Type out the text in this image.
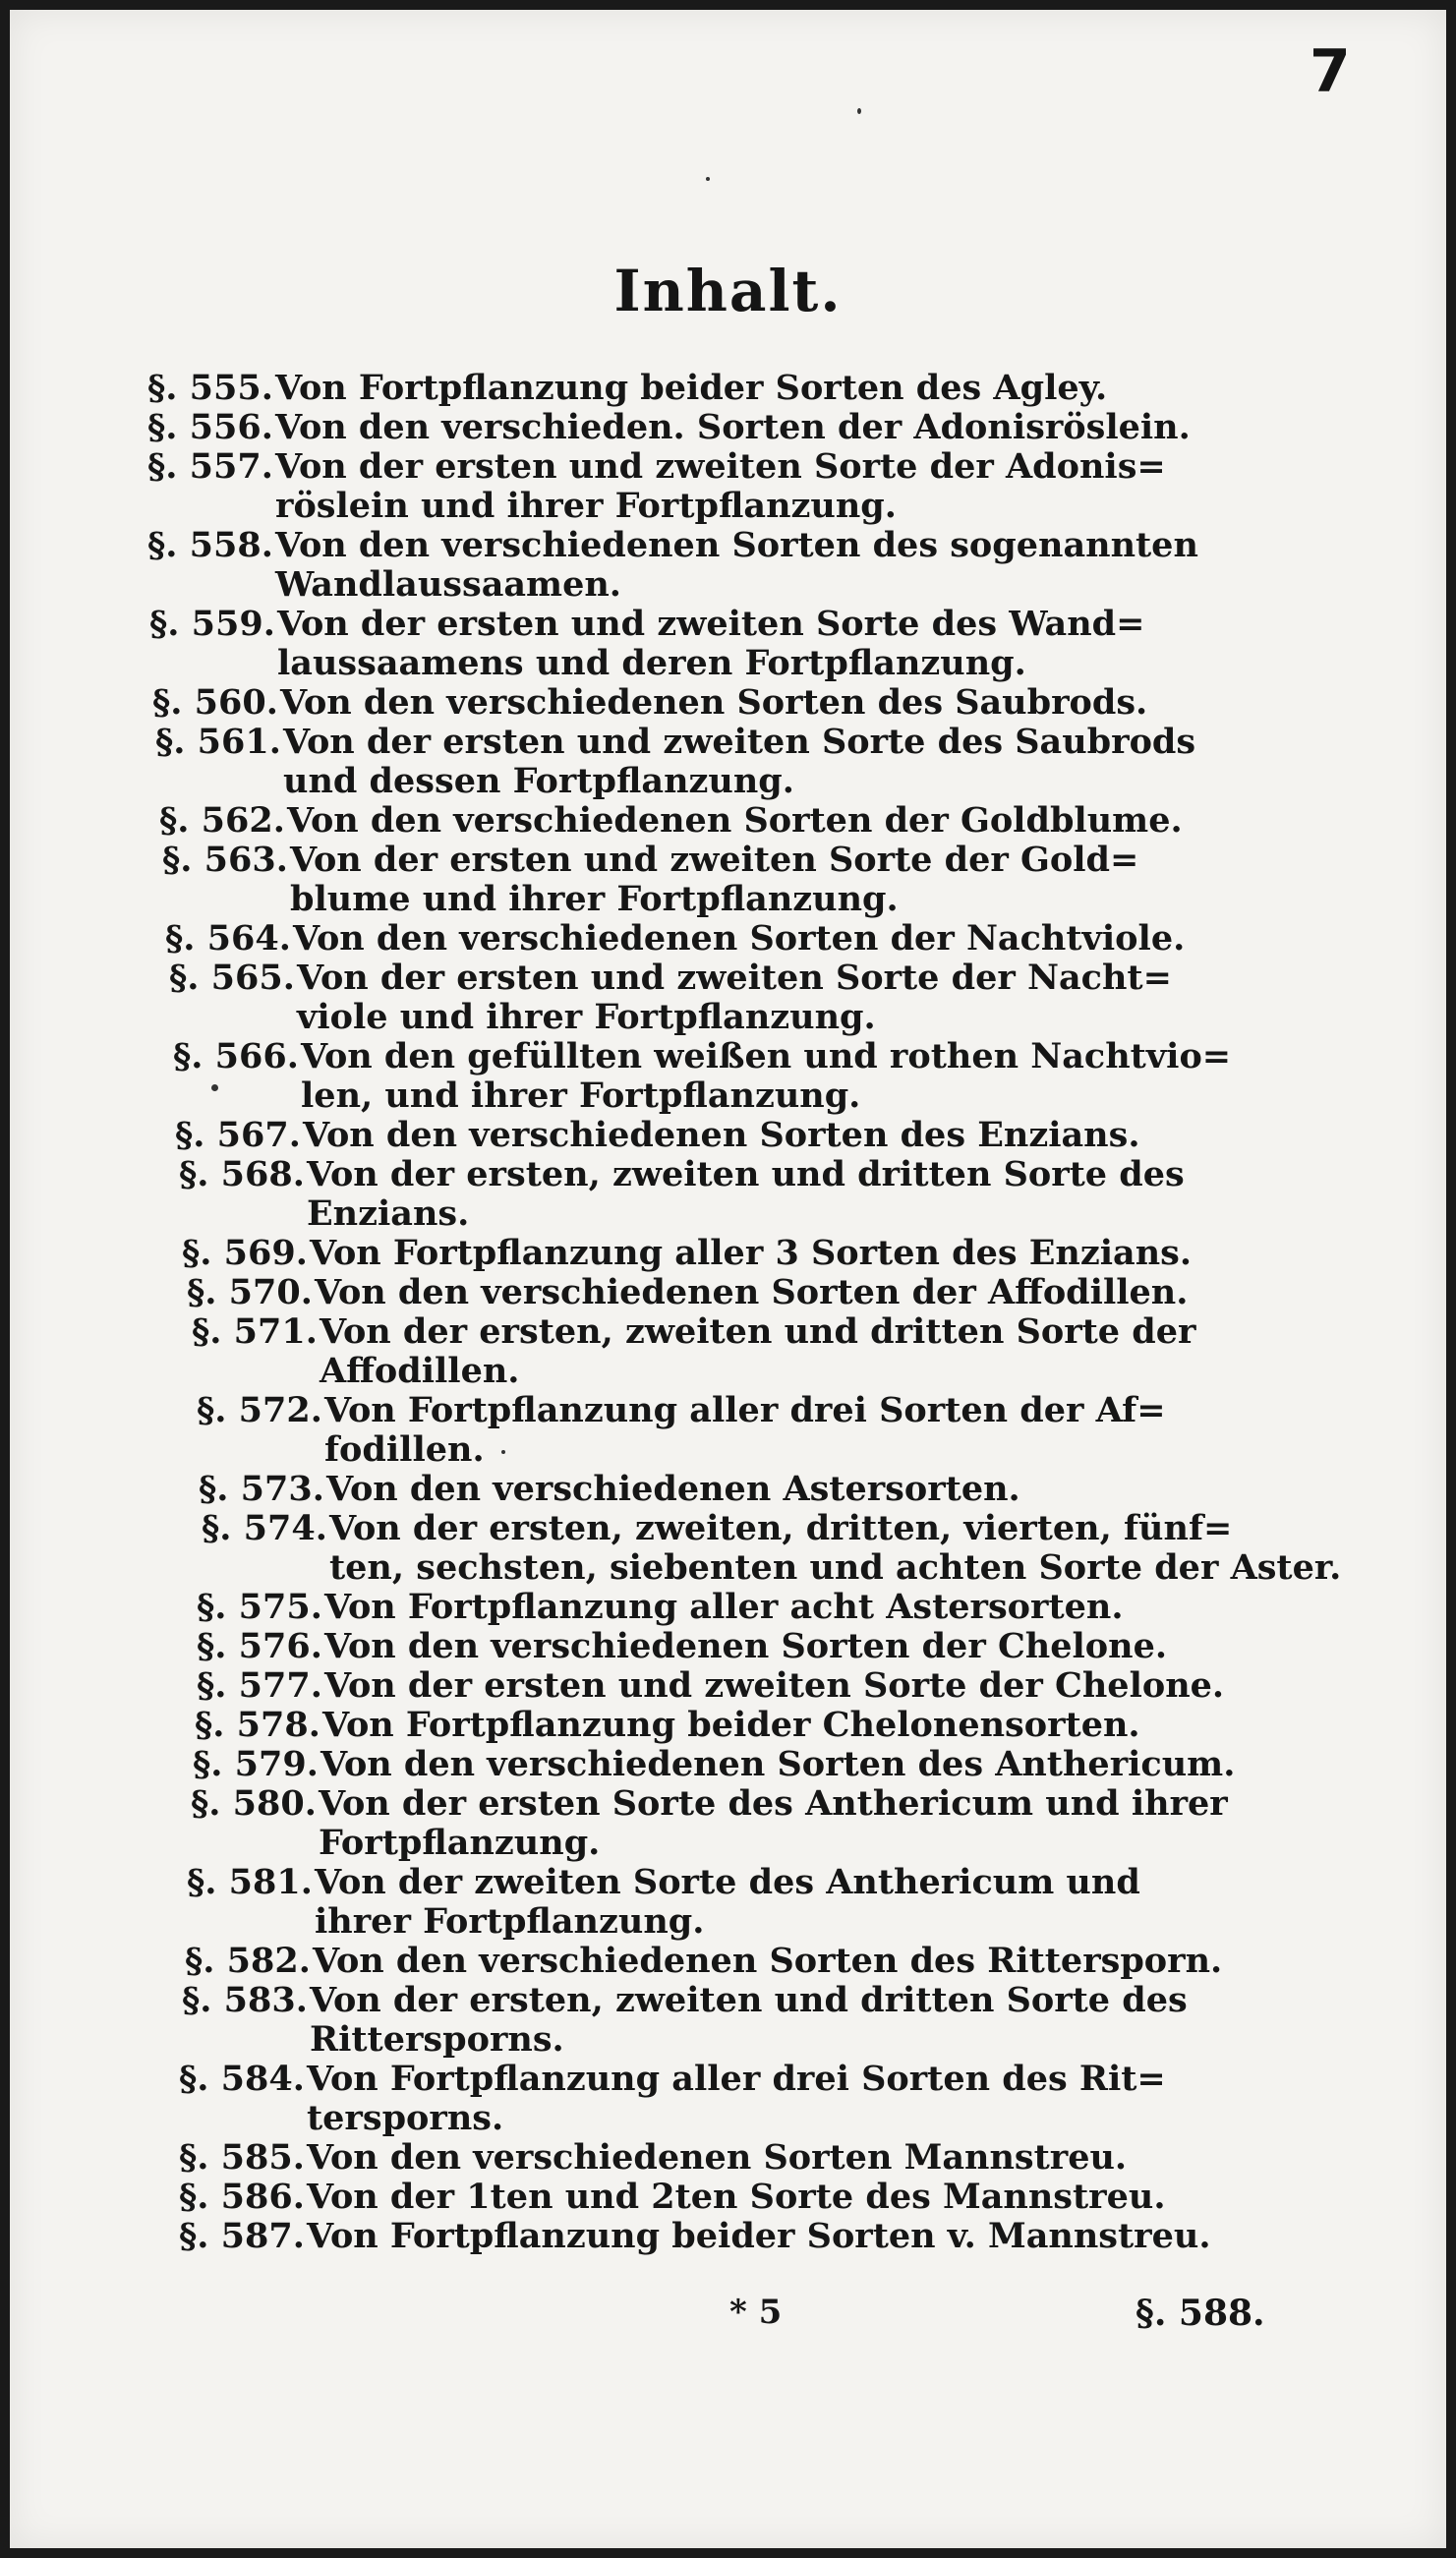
7
Inhalt.
§. 555.Von Fortpflanzung beider Sorten des Agley.
§. 556.Von den verschieden. Sorten der Adonisröslein.
§. 557.Von der ersten und zweiten Sorte der Adonis=
röslein und ihrer Fortpflanzung.
§. 558.Von den verschiedenen Sorten des sogenannten
Wandlaussaamen.
§. 559.Von der ersten und zweiten Sorte des Wand=
laussaamens und deren Fortpflanzung.
§. 560.Von den verschiedenen Sorten des Saubrods.
§. 561.Von der ersten und zweiten Sorte des Saubrods
und dessen Fortpflanzung.
§. 562.Von den verschiedenen Sorten der Goldblume.
§. 563.Von der ersten und zweiten Sorte der Gold=
blume und ihrer Fortpflanzung.
§. 564.Von den verschiedenen Sorten der Nachtviole.
§. 565.Von der ersten und zweiten Sorte der Nacht=
viole und ihrer Fortpflanzung.
§. 566.Von den gefüllten weißen und rothen Nachtvio=
len, und ihrer Fortpflanzung.
§. 567.Von den verschiedenen Sorten des Enzians.
§. 568.Von der ersten, zweiten und dritten Sorte des
Enzians.
§. 569.Von Fortpflanzung aller 3 Sorten des Enzians.
§. 570.Von den verschiedenen Sorten der Affodillen.
§. 571.Von der ersten, zweiten und dritten Sorte der
Affodillen.
§. 572.Von Fortpflanzung aller drei Sorten der Af=
fodillen.
§. 573.Von den verschiedenen Astersorten.
§. 574.Von der ersten, zweiten, dritten, vierten, fünf=
ten, sechsten, siebenten und achten Sorte der Aster.
§. 575.Von Fortpflanzung aller acht Astersorten.
§. 576.Von den verschiedenen Sorten der Chelone.
§. 577.Von der ersten und zweiten Sorte der Chelone.
§. 578.Von Fortpflanzung beider Chelonensorten.
§. 579.Von den verschiedenen Sorten des Anthericum.
§. 580.Von der ersten Sorte des Anthericum und ihrer
Fortpflanzung.
§. 581.Von der zweiten Sorte des Anthericum und
ihrer Fortpflanzung.
§. 582.Von den verschiedenen Sorten des Rittersporn.
§. 583.Von der ersten, zweiten und dritten Sorte des
Rittersporns.
§. 584.Von Fortpflanzung aller drei Sorten des Rit=
tersporns.
§. 585.Von den verschiedenen Sorten Mannstreu.
§. 586.Von der 1ten und 2ten Sorte des Mannstreu.
§. 587.Von Fortpflanzung beider Sorten v. Mannstreu.
* 5	§. 588.
